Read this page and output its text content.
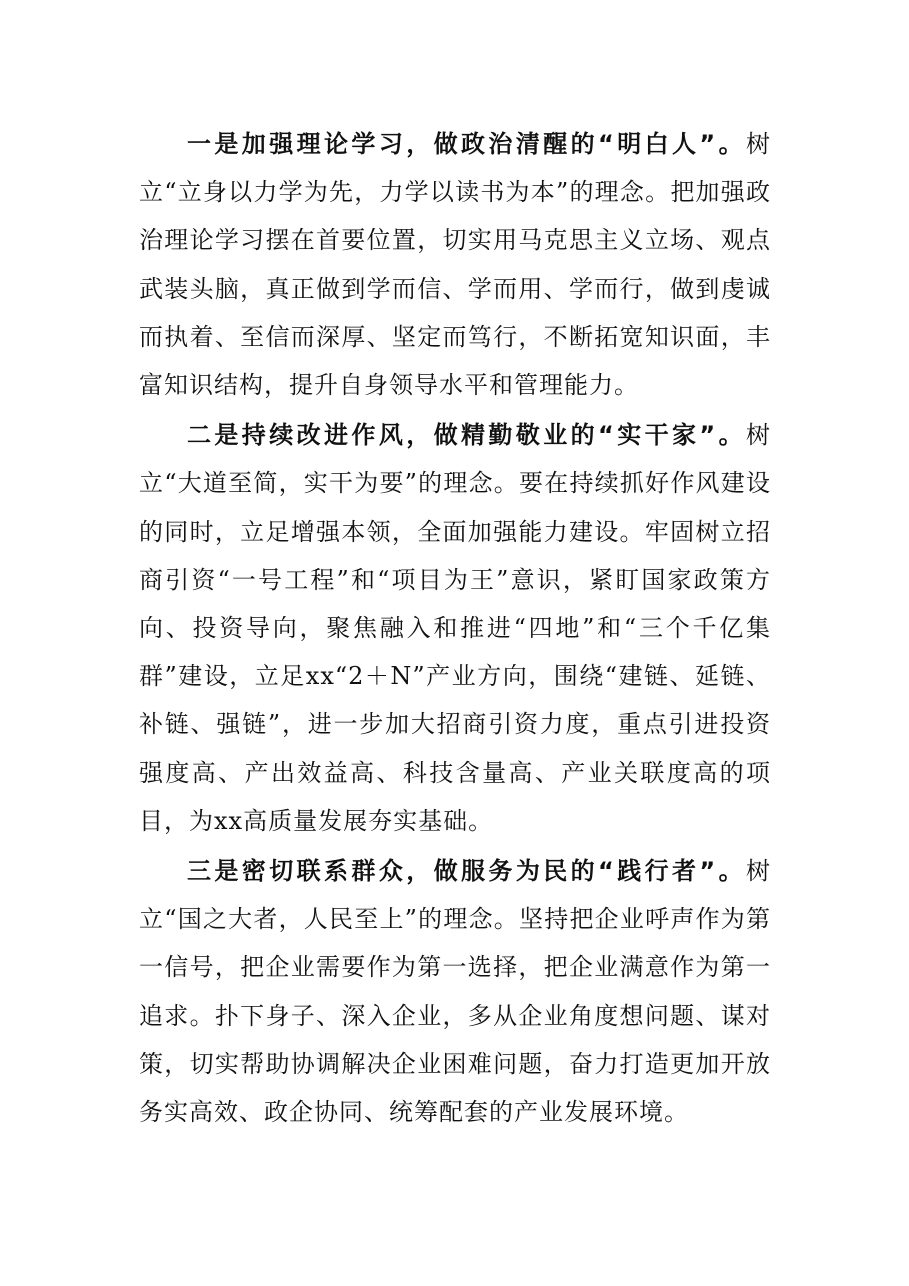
一是加强理论学习，做政治清醒的“明白人”。树立“立身以力学为先，力学以读书为本”的理念。把加强政治理论学习摆在首要位置，切实用马克思主义立场、观点武装头脑，真正做到学而信、学而用、学而行，做到虔诚而执着、至信而深厚、坚定而笃行，不断拓宽知识面，丰富知识结构，提升自身领导水平和管理能力。

二是持续改进作风，做精勤敬业的“实干家”。树立“大道至简，实干为要”的理念。要在持续抓好作风建设的同时，立足增强本领，全面加强能力建设。牢固树立招商引资“一号工程”和“项目为王”意识，紧盯国家政策方向、投资导向，聚焦融入和推进“四地”和“三个千亿集群”建设，立足xx“2＋N”产业方向，围绕“建链、延链、补链、强链”，进一步加大招商引资力度，重点引进投资强度高、产出效益高、科技含量高、产业关联度高的项目，为xx高质量发展夯实基础。

三是密切联系群众，做服务为民的“践行者”。树立“国之大者，人民至上”的理念。坚持把企业呼声作为第一信号，把企业需要作为第一选择，把企业满意作为第一追求。扑下身子、深入企业，多从企业角度想问题、谋对策，切实帮助协调解决企业困难问题，奋力打造更加开放务实高效、政企协同、统筹配套的产业发展环境。
